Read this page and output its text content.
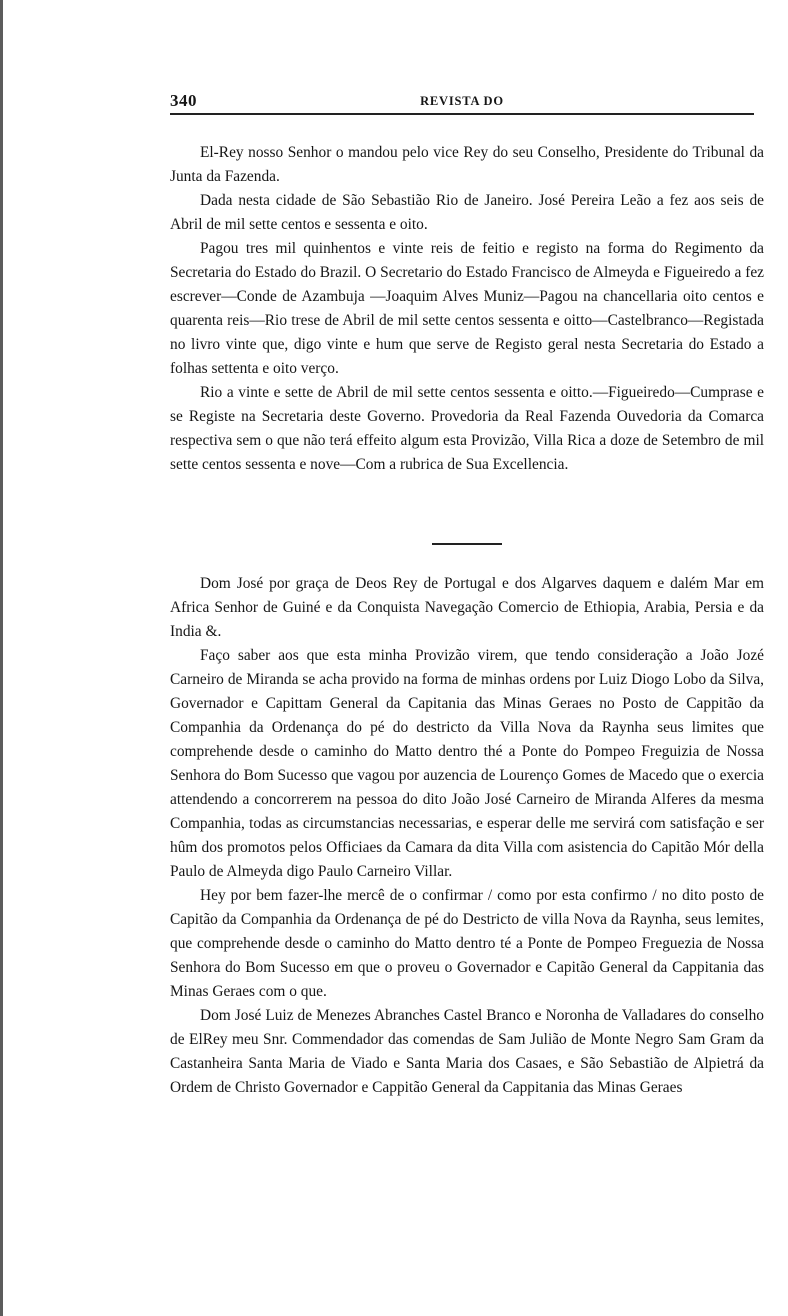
340	REVISTA DO

El-Rey nosso Senhor o mandou pelo vice Rey do seu Conselho, Presidente do Tribunal da Junta da Fazenda.

Dada nesta cidade de São Sebastião Rio de Janeiro. José Pereira Leão a fez aos seis de Abril de mil sette centos e sessenta e oito.

Pagou tres mil quinhentos e vinte reis de feitio e registo na forma do Regimento da Secretaria do Estado do Brazil. O Secretario do Estado Francisco de Almeyda e Figueiredo a fez escrever—Conde de Azambuja —Joaquim Alves Muniz—Pagou na chancellaria oito centos e quarenta reis—Rio trese de Abril de mil sette centos sessenta e oitto—Castelbranco—Registada no livro vinte que, digo vinte e hum que serve de Registo geral nesta Secretaria do Estado a folhas settenta e oito verço.

Rio a vinte e sette de Abril de mil sette centos sessenta e oitto.—Figueiredo—Cumprase e se Registe na Secretaria deste Governo. Provedoria da Real Fazenda Ouvedoria da Comarca respectiva sem o que não terá effeito algum esta Provizão, Villa Rica a doze de Setembro de mil sette centos sessenta e nove—Com a rubrica de Sua Excellencia.

Dom José por graça de Deos Rey de Portugal e dos Algarves daquem e dalém Mar em Africa Senhor de Guiné e da Conquista Navegação Comercio de Ethiopia, Arabia, Persia e da India &.

Faço saber aos que esta minha Provizão virem, que tendo consideração a João Jozé Carneiro de Miranda se acha provido na forma de minhas ordens por Luiz Diogo Lobo da Silva, Governador e Capittam General da Capitania das Minas Geraes no Posto de Cappitão da Companhia da Ordenança do pé do destricto da Villa Nova da Raynha seus limites que comprehende desde o caminho do Matto dentro thé a Ponte do Pompeo Freguizia de Nossa Senhora do Bom Sucesso que vagou por auzencia de Lourenço Gomes de Macedo que o exercia attendendo a concorrerem na pessoa do dito João José Carneiro de Miranda Alferes da mesma Companhia, todas as circumstancias necessarias, e esperar delle me servirá com satisfação e ser hûm dos promotos pelos Officiaes da Camara da dita Villa com asistencia do Capitão Mór della Paulo de Almeyda digo Paulo Carneiro Villar.

Hey por bem fazer-lhe mercê de o confirmar / como por esta confirmo / no dito posto de Capitão da Companhia da Ordenança de pé do Destricto de villa Nova da Raynha, seus lemites, que comprehende desde o caminho do Matto dentro té a Ponte de Pompeo Freguezia de Nossa Senhora do Bom Sucesso em que o proveu o Governador e Capitão General da Cappitania das Minas Geraes com o que.

Dom José Luiz de Menezes Abranches Castel Branco e Noronha de Valladares do conselho de ElRey meu Snr. Commendador das comendas de Sam Julião de Monte Negro Sam Gram da Castanheira Santa Maria de Viado e Santa Maria dos Casaes, e São Sebastião de Alpietrá da Ordem de Christo Governador e Cappitão General da Cappitania das Minas Geraes
